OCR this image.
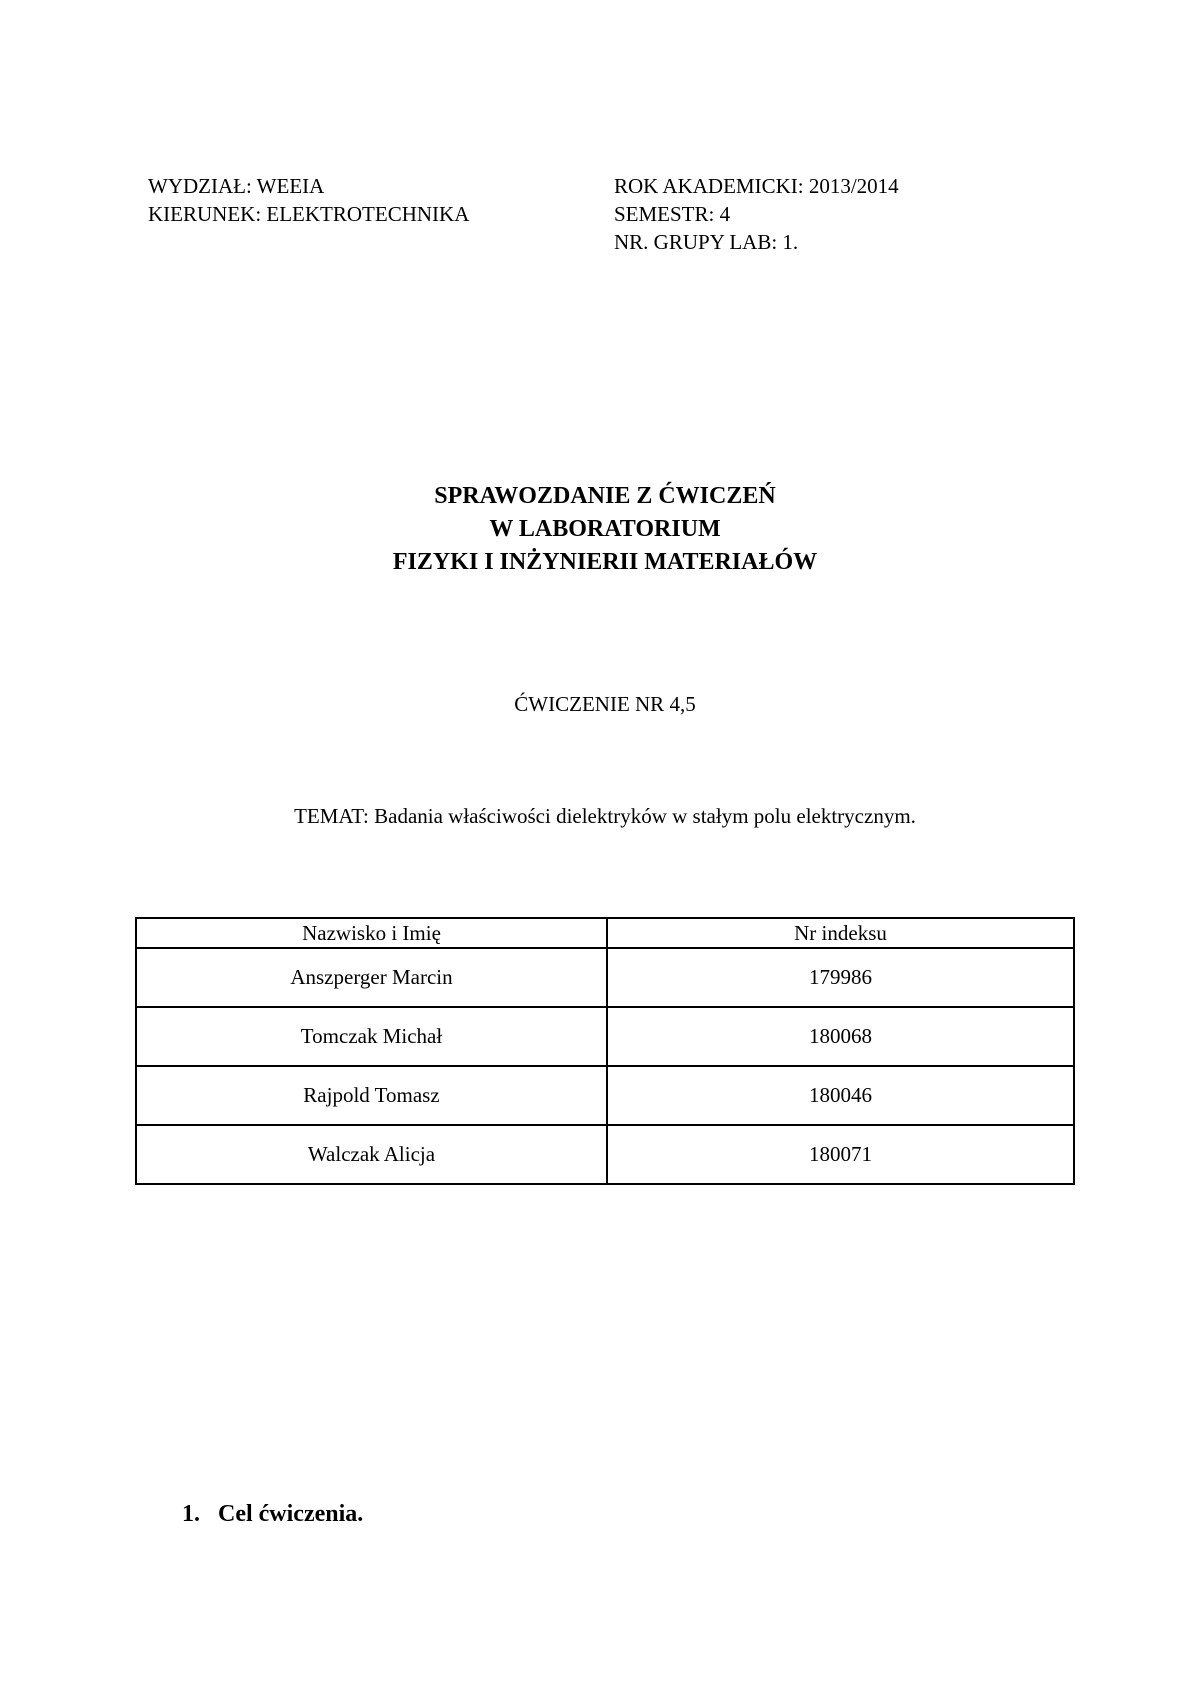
WYDZIAŁ: WEEIA
KIERUNEK: ELEKTROTECHNIKA
ROK AKADEMICKI: 2013/2014
SEMESTR: 4
NR. GRUPY LAB: 1.
SPRAWOZDANIE Z ĆWICZEŃ
W LABORATORIUM
FIZYKI I INŻYNIERII MATERIAŁÓW
ĆWICZENIE NR 4,5
TEMAT: Badania właściwości dielektryków w stałym polu elektrycznym.
Nazwisko i Imię	Nr indeksu
Anszperger Marcin	179986
Tomczak Michał	180068
Rajpold Tomasz	180046
Walczak Alicja	180071
1. Cel ćwiczenia.
